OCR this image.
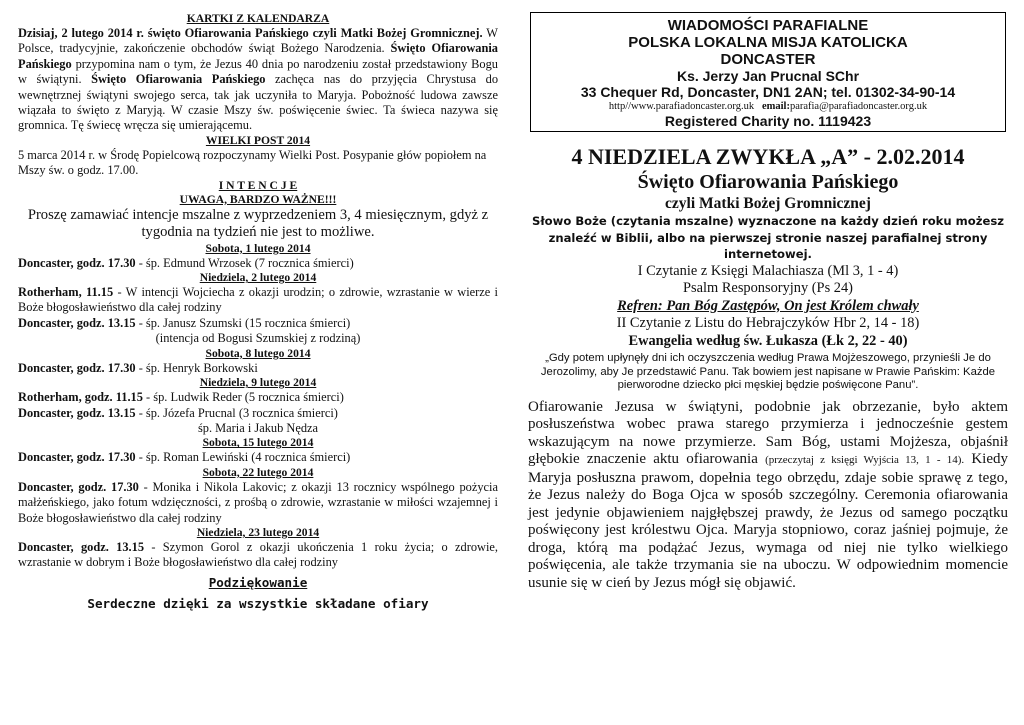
KARTKI Z KALENDARZA

Dzisiaj, 2 lutego 2014 r. święto Ofiarowania Pańskiego czyli Matki Bożej Gromnicznej. W Polsce, tradycyjnie, zakończenie obchodów świąt Bożego Narodzenia. Święto Ofiarowania Pańskiego przypomina nam o tym, że Jezus 40 dnia po narodzeniu został przedstawiony Bogu w świątyni. Święto Ofiarowania Pańskiego zachęca nas do przyjęcia Chrystusa do wewnętrznej świątyni swojego serca, tak jak uczyniła to Maryja. Pobożność ludowa zawsze wiązała to święto z Maryją. W czasie Mszy św. poświęcenie świec. Ta świeca nazywa się gromnica. Tę świecę wręcza się umierającemu.

WIELKI POST 2014

5 marca 2014 r. w Środę Popielcową rozpoczynamy Wielki Post. Posypanie głów popiołem na Mszy św. o godz. 17.00.

I N T E N C J E

UWAGA, BARDZO WAŻNE!!!

Proszę zamawiać intencje mszalne z wyprzedzeniem 3, 4 miesięcznym, gdyż z tygodnia na tydzień nie jest to możliwe.

Sobota, 1 lutego 2014

Doncaster, godz. 17.30 - śp. Edmund Wrzosek (7 rocznica śmierci)

Niedziela, 2 lutego 2014

Rotherham, 11.15 - W intencji Wojciecha z okazji urodzin; o zdrowie, wzrastanie w wierze i Boże błogosławieństwo dla całej rodziny

Doncaster, godz. 13.15 - śp. Janusz Szumski (15 rocznica śmierci)

(intencja od Bogusi Szumskiej z rodziną)

Sobota, 8 lutego 2014

Doncaster, godz. 17.30 - śp. Henryk Borkowski

Niedziela, 9 lutego 2014

Rotherham, godz. 11.15 - śp. Ludwik Reder (5 rocznica śmierci)

Doncaster, godz. 13.15 - śp. Józefa Prucnal (3 rocznica śmierci)

śp. Maria i Jakub Nędza

Sobota, 15 lutego 2014

Doncaster, godz. 17.30 - śp. Roman Lewiński (4 rocznica śmierci)

Sobota, 22 lutego 2014

Doncaster, godz. 17.30 - Monika i Nikola Lakovic; z okazji 13 rocznicy wspólnego pożycia małżeńskiego, jako fotum wdzięczności, z prośbą o zdrowie, wzrastanie w miłości wzajemnej i Boże błogosławieństwo dla całej rodziny

Niedziela, 23 lutego 2014

Doncaster, godz. 13.15 - Szymon Gorol z okazji ukończenia 1 roku życia; o zdrowie, wzrastanie w dobrym i Boże błogosławieństwo dla całej rodziny

Podziękowanie

Serdeczne dzięki za wszystkie składane ofiary

WIADOMOŚCI PARAFIALNE

POLSKA LOKALNA MISJA KATOLICKA

DONCASTER

Ks. Jerzy Jan Prucnal SChr

33 Chequer Rd, Doncaster, DN1 2AN; tel. 01302-34-90-14

http//www.parafiadoncaster.org.uk email:parafia@parafiadoncaster.org.uk

Registered Charity no. 1119423

4 NIEDZIELA ZWYKŁA „A” - 2.02.2014

Święto Ofiarowania Pańskiego

czyli Matki Bożej Gromnicznej

Słowo Boże (czytania mszalne) wyznaczone na każdy dzień roku możesz znaleźć w Biblii, albo na pierwszej stronie naszej parafialnej strony internetowej.

I Czytanie z Księgi Malachiasza (Ml 3, 1 - 4)

Psalm Responsoryjny (Ps 24)

Refren: Pan Bóg Zastępów, On jest Królem chwały

II Czytanie z Listu do Hebrajczyków Hbr 2, 14 - 18)

Ewangelia według św. Łukasza (Łk 2, 22 - 40)

„Gdy potem upłynęły dni ich oczyszczenia według Prawa Mojżeszowego, przynieśli Je do Jerozolimy, aby Je przedstawić Panu. Tak bowiem jest napisane w Prawie Pańskim: Każde pierworodne dziecko płci męskiej będzie poświęcone Panu”.

Ofiarowanie Jezusa w świątyni, podobnie jak obrzezanie, było aktem posłuszeństwa wobec prawa starego przymierza i jednocześnie gestem wskazującym na nowe przymierze. Sam Bóg, ustami Mojżesza, objaśnił głębokie znaczenie aktu ofiarowania (przeczytaj z księgi Wyjścia 13, 1 - 14). Kiedy Maryja posłuszna prawom, dopełnia tego obrzędu, zdaje sobie sprawę z tego, że Jezus należy do Boga Ojca w sposób szczególny. Ceremonia ofiarowania jest jedynie objawieniem najgłębszej prawdy, że Jezus od samego początku poświęcony jest królestwu Ojca. Maryja stopniowo, coraz jaśniej pojmuje, że droga, którą ma podążać Jezus, wymaga od niej nie tylko wielkiego poświęcenia, ale także trzymania sie na uboczu. W odpowiednim momencie usunie się w cień by Jezus mógł się objawić.
